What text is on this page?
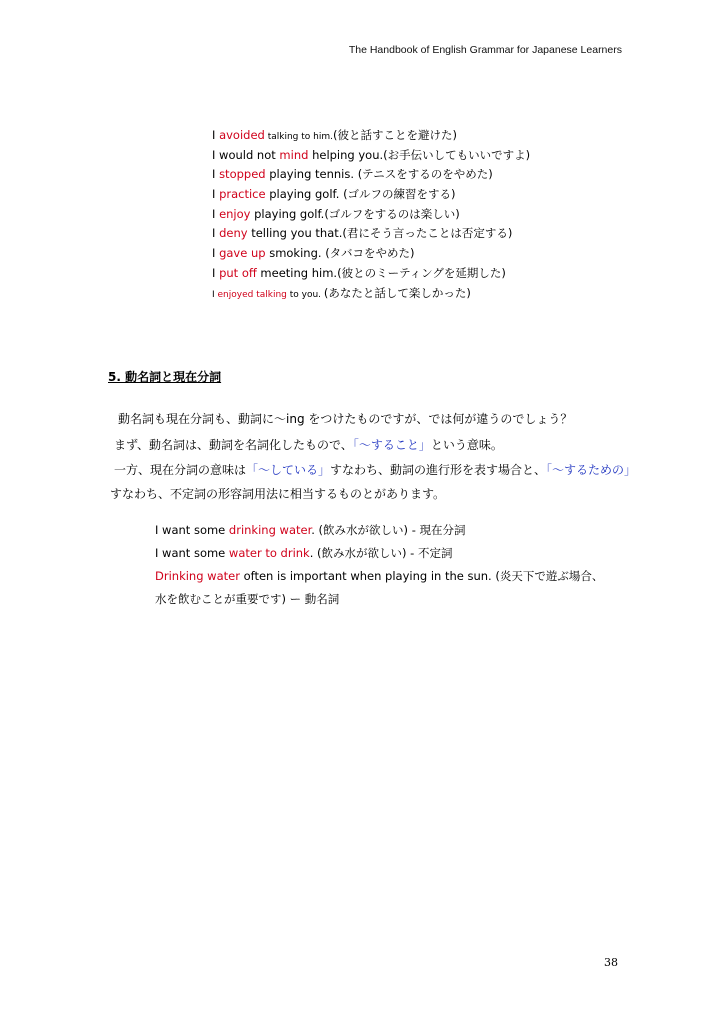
The Handbook of English Grammar for Japanese Learners
I avoided talking to him.(彼と話すことを避けた)
I would not mind helping you.(お手伝いしてもいいですよ)
I stopped playing tennis. (テニスをするのをやめた)
I practice playing golf. (ゴルフの練習をする)
I enjoy playing golf.(ゴルフをするのは楽しい)
I deny telling you that.(君にそう言ったことは否定する)
I gave up smoking. (タバコをやめた)
I put off meeting him.(彼とのミーティングを延期した)
I enjoyed talking to you. (あなたと話して楽しかった)
5. 動名詞と現在分詞
動名詞も現在分詞も、動詞に～ing をつけたものですが、では何が違うのでしょう？
まず、動名詞は、動詞を名詞化したもので、「～すること」という意味。
一方、現在分詞の意味は「～している」すなわち、動詞の進行形を表す場合と、「～するための」
すなわち、不定詞の形容詞用法に相当するものとがあります。
I want some drinking water. (飲み水が欲しい) - 現在分詞
I want some water to drink. (飲み水が欲しい) - 不定詞
Drinking water often is important when playing in the sun. (炎天下で遊ぶ場合、
水を飲むことが重要です) ー 動名詞
38
